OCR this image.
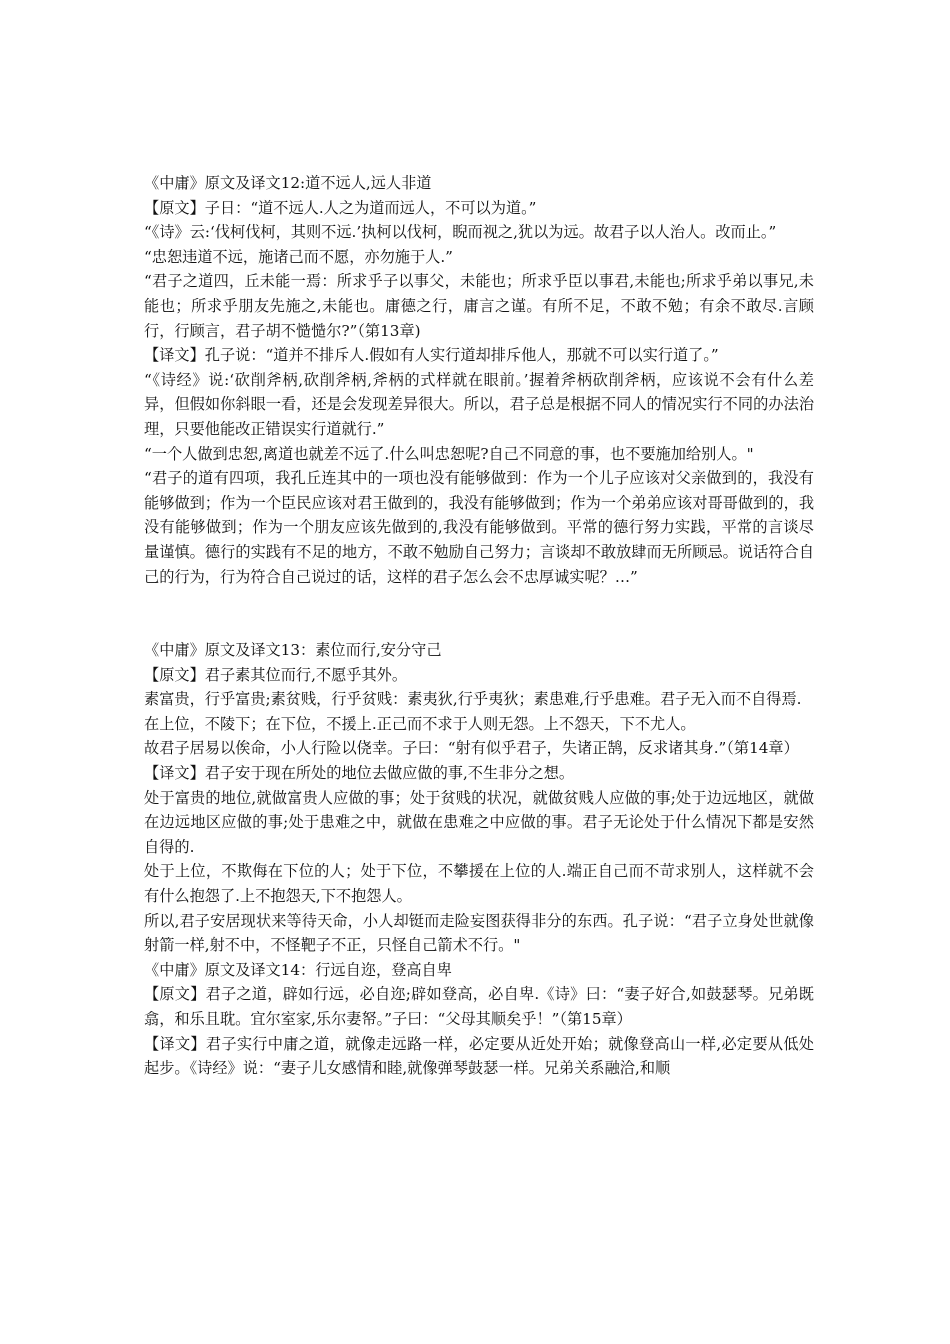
《中庸》原文及译文12:道不远人,远人非道

【原文】子日：“道不远人.人之为道而远人，不可以为道。”

“《诗》云:‘伐柯伐柯，其则不远.’执柯以伐柯，睨而视之,犹以为远。故君子以人治人。改而止。”

“忠恕违道不远，施诸己而不愿，亦勿施于人.”

“君子之道四，丘未能一焉：所求乎子以事父，未能也；所求乎臣以事君,未能也;所求乎弟以事兄,未能也；所求乎朋友先施之,未能也。庸德之行，庸言之谨。有所不足，不敢不勉；有余不敢尽.言顾行，行顾言，君子胡不慥慥尔?”（第13章)

【译文】孔子说：“道并不排斥人.假如有人实行道却排斥他人，那就不可以实行道了。”

“《诗经》说:‘砍削斧柄,砍削斧柄,斧柄的式样就在眼前。’握着斧柄砍削斧柄，应该说不会有什么差异，但假如你斜眼一看，还是会发现差异很大。所以，君子总是根据不同人的情况实行不同的办法治理，只要他能改正错误实行道就行.”

“一个人做到忠恕,离道也就差不远了.什么叫忠恕呢?自己不同意的事，也不要施加给别人。"

“君子的道有四项，我孔丘连其中的一项也没有能够做到：作为一个儿子应该对父亲做到的，我没有能够做到；作为一个臣民应该对君王做到的，我没有能够做到；作为一个弟弟应该对哥哥做到的，我没有能够做到；作为一个朋友应该先做到的,我没有能够做到。平常的德行努力实践，平常的言谈尽量谨慎。德行的实践有不足的地方，不敢不勉励自己努力；言谈却不敢放肆而无所顾忌。说话符合自己的行为，行为符合自己说过的话，这样的君子怎么会不忠厚诚实呢？…”

《中庸》原文及译文13：素位而行,安分守己

【原文】君子素其位而行,不愿乎其外。

素富贵，行乎富贵;素贫贱，行乎贫贱：素夷狄,行乎夷狄；素患难,行乎患难。君子无入而不自得焉.

在上位，不陵下；在下位，不援上.正己而不求于人则无怨。上不怨天，下不尤人。

故君子居易以俟命，小人行险以侥幸。子曰：“射有似乎君子，失诸正鹄，反求诸其身.”（第14章）

【译文】君子安于现在所处的地位去做应做的事,不生非分之想。

处于富贵的地位,就做富贵人应做的事；处于贫贱的状况，就做贫贱人应做的事;处于边远地区，就做在边远地区应做的事;处于患难之中，就做在患难之中应做的事。君子无论处于什么情况下都是安然自得的.

处于上位，不欺侮在下位的人；处于下位，不攀援在上位的人.端正自己而不苛求别人，这样就不会有什么抱怨了.上不抱怨天,下不抱怨人。

所以,君子安居现状来等待天命，小人却铤而走险妄图获得非分的东西。孔子说：“君子立身处世就像射箭一样,射不中，不怪靶子不正，只怪自己箭术不行。"

《中庸》原文及译文14：行远自迩，登高自卑

【原文】君子之道，辟如行远，必自迩;辟如登高，必自卑.《诗》曰：“妻子好合,如鼓瑟琴。兄弟既翕，和乐且耽。宜尔室家,乐尔妻帑。”子曰：“父母其顺矣乎！”（第15章）

【译文】君子实行中庸之道，就像走远路一样，必定要从近处开始；就像登高山一样,必定要从低处起步。《诗经》说：“妻子儿女感情和睦,就像弹琴鼓瑟一样。兄弟关系融洽,和顺
